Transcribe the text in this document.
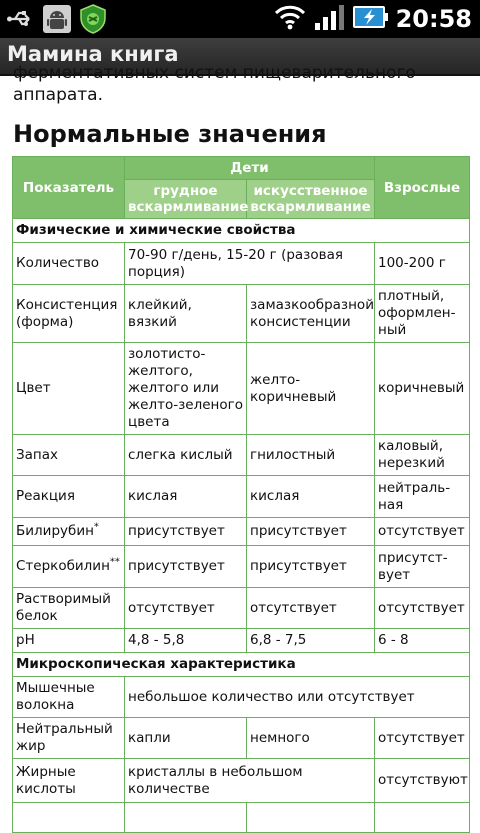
20:58
Мамина книга
ферментативных систем пищеварительного
аппарата.
Нормальные значения
Показатель	Дети		Взрослые
	грудное вскармливание	искусственное вскармливание	
Физические и химические свойства			
Количество	70-90 г/день, 15-20 г (разовая порция)		100-200 г
Консистенция (форма)	клейкий, вязкий	замазкообразной консистенции	плотный, оформлен-ный
Цвет	золотисто-желтого, желтого или желто-зеленого цвета	желто-коричневый	коричневый
Запах	слегка кислый	гнилостный	каловый, нерезкий
Реакция	кислая	кислая	нейтраль-ная
Билирубин*	присутствует	присутствует	отсутствует
Стеркобилин**	присутствует	присутствует	присутст-вует
Растворимый белок	отсутствует	отсутствует	отсутствует
pH	4,8 - 5,8	6,8 - 7,5	6 - 8
Микроскопическая характеристика			
Мышечные волокна	небольшое количество или отсутствует		
Нейтральный жир	капли	немного	отсутствует
Жирные кислоты	кристаллы в небольшом количестве		отсутствуют
